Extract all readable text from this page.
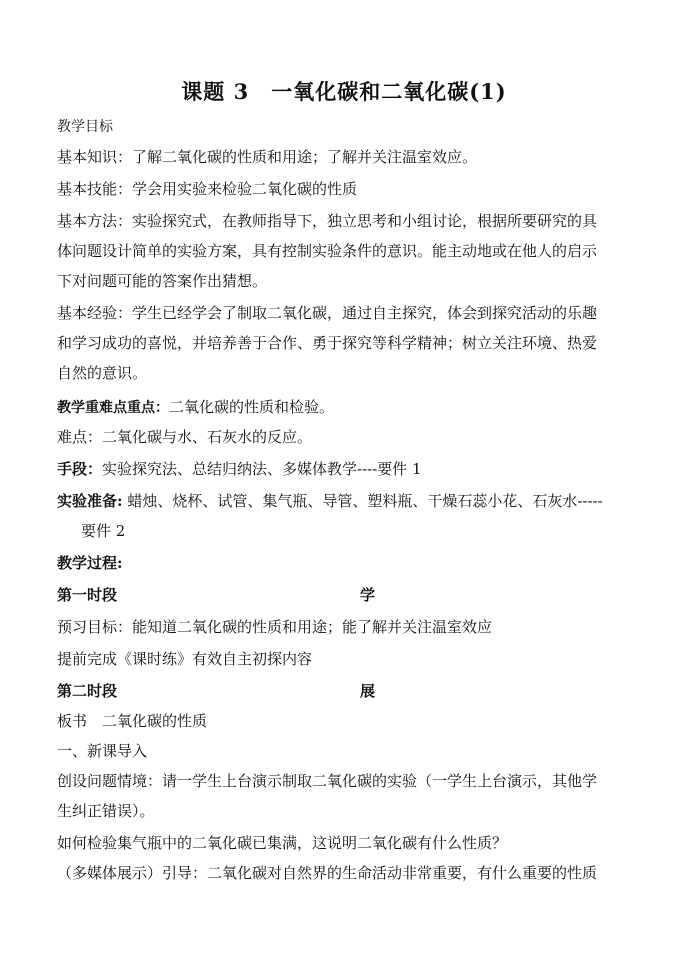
课题 3　一氧化碳和二氧化碳(1)
教学目标
基本知识：了解二氧化碳的性质和用途；了解并关注温室效应。
基本技能：学会用实验来检验二氧化碳的性质
基本方法：实验探究式，在教师指导下，独立思考和小组讨论，根据所要研究的具
体问题设计简单的实验方案，具有控制实验条件的意识。能主动地或在他人的启示
下对问题可能的答案作出猜想。
基本经验：学生已经学会了制取二氧化碳，通过自主探究，体会到探究活动的乐趣
和学习成功的喜悦，并培养善于合作、勇于探究等科学精神；树立关注环境、热爱
自然的意识。
教学重难点重点：二氧化碳的性质和检验。
难点：二氧化碳与水、石灰水的反应。
手段：实验探究法、总结归纳法、多媒体教学----要件 1
实验准备: 蜡烛、烧杯、试管、集气瓶、导管、塑料瓶、干燥石蕊小花、石灰水-----
要件 2
教学过程:
第一时段	学
预习目标：能知道二氧化碳的性质和用途；能了解并关注温室效应
提前完成《课时练》有效自主初探内容
第二时段	展
板书　二氧化碳的性质
一、新课导入
创设问题情境：请一学生上台演示制取二氧化碳的实验（一学生上台演示，其他学
生纠正错误）。
如何检验集气瓶中的二氧化碳已集满，这说明二氧化碳有什么性质？
（多媒体展示）引导：二氧化碳对自然界的生命活动非常重要，有什么重要的性质
